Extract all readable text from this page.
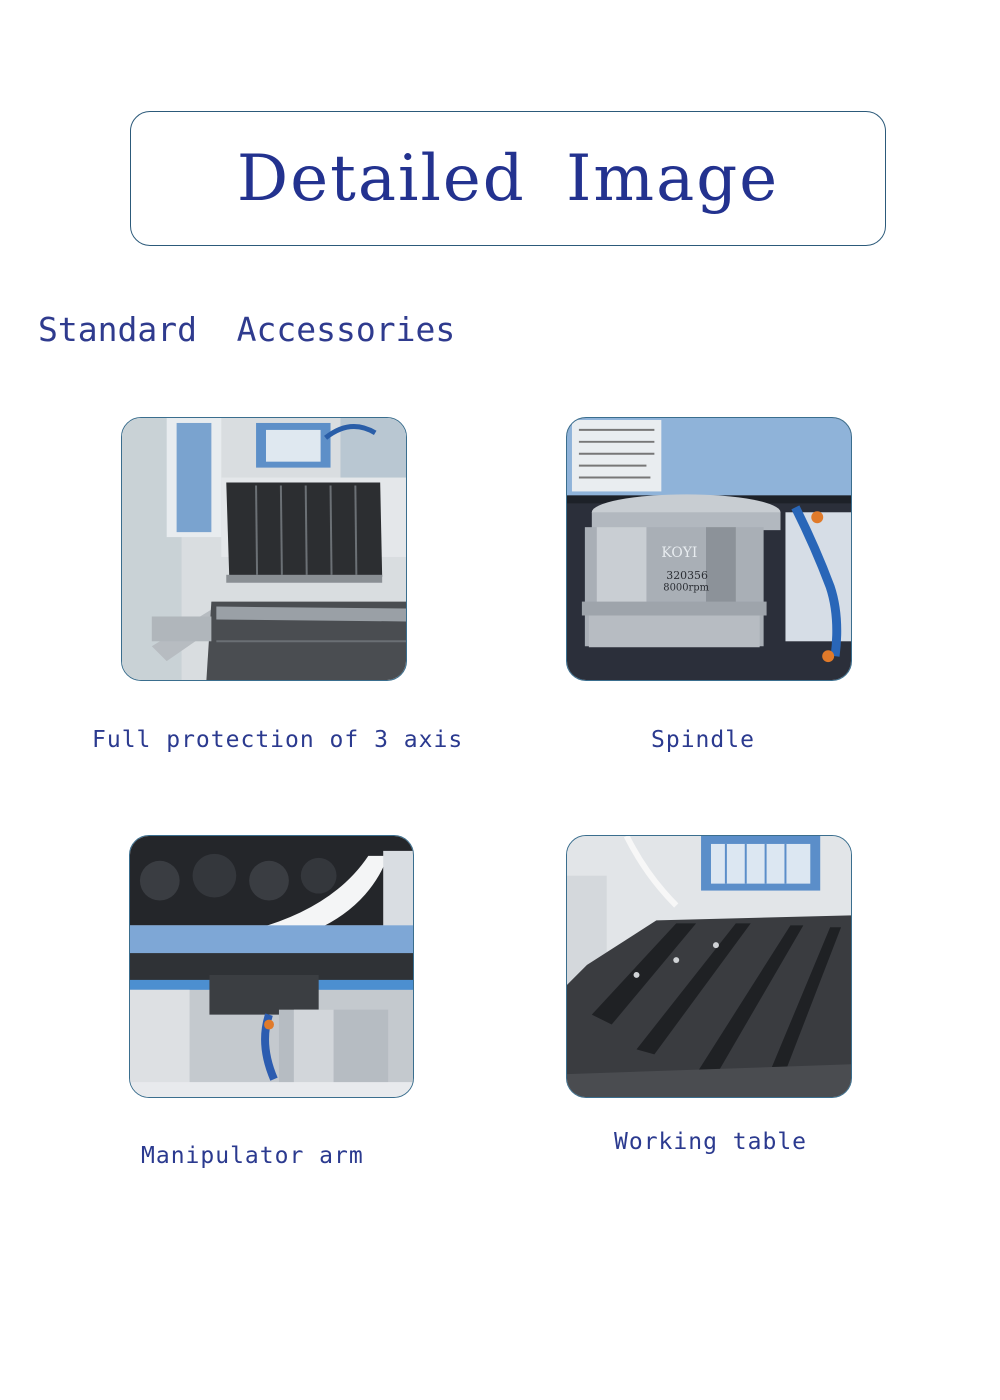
Detailed Image
Standard  Accessories
KOYI
320356
8000rpm
Full protection of 3 axis	Spindle
Manipulator arm
Working table
